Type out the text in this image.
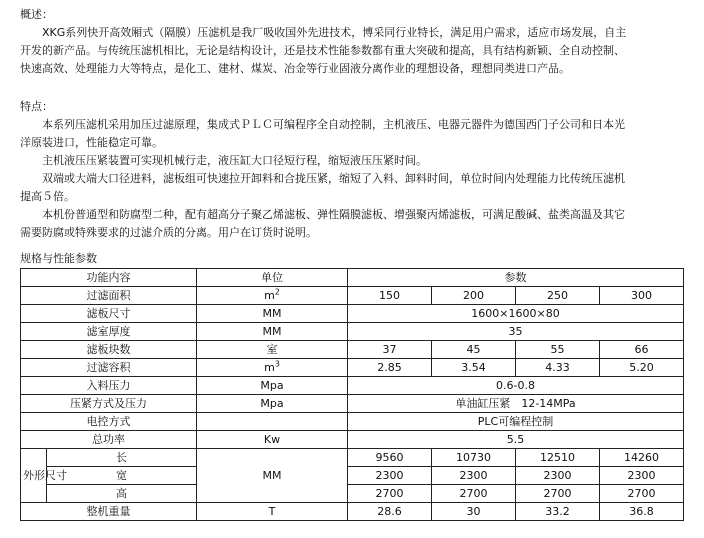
概述：

XKG系列快开高效厢式（隔膜）压滤机是我厂吸收国外先进技术，博采同行业特长，满足用户需求，适应市场发展，自主

开发的新产品。与传统压滤机相比，无论是结构设计，还是技术性能参数都有重大突破和提高，具有结构新颖、全自动控制、

快速高效、处理能力大等特点，是化工、建材、煤炭、冶金等行业固液分离作业的理想设备，理想同类进口产品。

特点：

本系列压滤机采用加压过滤原理，集成式ＰＬＣ可编程序全自动控制，主机液压、电器元器件为德国西门子公司和日本光

洋原装进口，性能稳定可靠。

主机液压压紧装置可实现机械行走，液压缸大口径短行程，缩短液压压紧时间。

双端或大端大口径进料，滤板组可快速拉开卸料和合拢压紧，缩短了入料、卸料时间，单位时间内处理能力比传统压滤机

提高５倍。

本机份普通型和防腐型二种，配有超高分子聚乙烯滤板、弹性隔膜滤板、增强聚丙烯滤板，可满足酸碱、盐类高温及其它

需要防腐或特殊要求的过滤介质的分离。用户在订货时说明。

规格与性能参数

功能内容		单位	参数			
过滤面积		$m^2$	150	200	250	300
滤板尺寸		MM	1600×1600×80			
滤室厚度		MM	35			
滤板块数		室	37	45	55	66
过滤容积		$m^3$	2.85	3.54	4.33	5.20
入料压力		Mpa	0.6-0.8			
压紧方式及压力		Mpa	单油缸压紧　12-14MPa			
电控方式			PLC可编程控制			
总功率		Kw	5.5			
外形尺寸	长	MM	9560	10730	12510	14260
	宽		2300	2300	2300	2300
	高		2700	2700	2700	2700
整机重量		T	28.6	30	33.2	36.8
